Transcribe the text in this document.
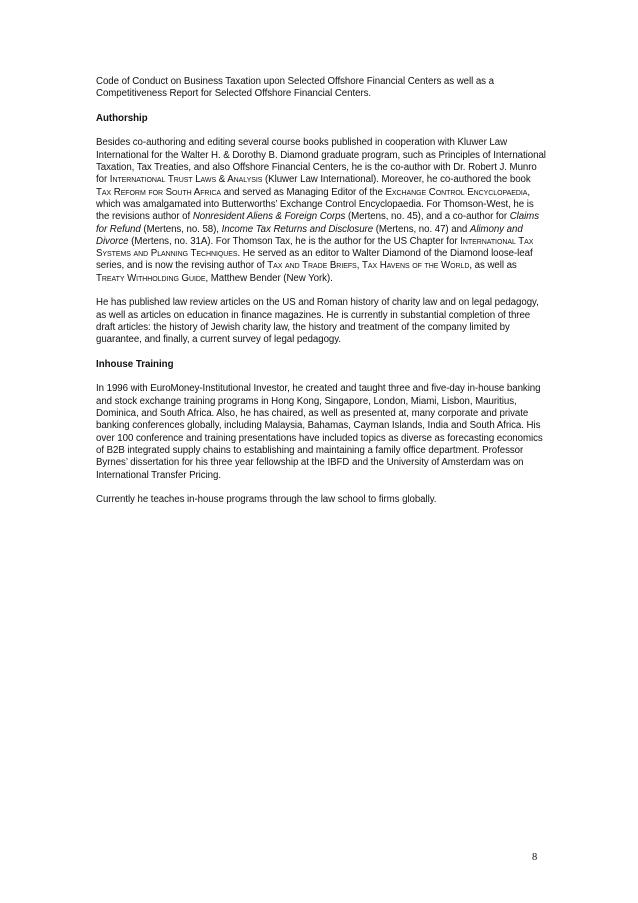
Code of Conduct on Business Taxation upon Selected Offshore Financial Centers as well as a Competitiveness Report for Selected Offshore Financial Centers.

Authorship

Besides co-authoring and editing several course books published in cooperation with Kluwer Law International for the Walter H. & Dorothy B. Diamond graduate program, such as Principles of International Taxation, Tax Treaties, and also Offshore Financial Centers, he is the co-author with Dr. Robert J. Munro for International Trust Laws & Analysis (Kluwer Law International). Moreover, he co-authored the book Tax Reform for South Africa and served as Managing Editor of the Exchange Control Encyclopaedia, which was amalgamated into Butterworths’ Exchange Control Encyclopaedia. For Thomson-West, he is the revisions author of Nonresident Aliens & Foreign Corps (Mertens, no. 45), and a co-author for Claims for Refund (Mertens, no. 58), Income Tax Returns and Disclosure (Mertens, no. 47) and Alimony and Divorce (Mertens, no. 31A). For Thomson Tax, he is the author for the US Chapter for International Tax Systems and Planning Techniques. He served as an editor to Walter Diamond of the Diamond loose-leaf series, and is now the revising author of Tax and Trade Briefs, Tax Havens of the World, as well as Treaty Withholding Guide, Matthew Bender (New York).

He has published law review articles on the US and Roman history of charity law and on legal pedagogy, as well as articles on education in finance magazines. He is currently in substantial completion of three draft articles: the history of Jewish charity law, the history and treatment of the company limited by guarantee, and finally, a current survey of legal pedagogy.

Inhouse Training

In 1996 with EuroMoney-Institutional Investor, he created and taught three and five-day in-house banking and stock exchange training programs in Hong Kong, Singapore, London, Miami, Lisbon, Mauritius, Dominica, and South Africa. Also, he has chaired, as well as presented at, many corporate and private banking conferences globally, including Malaysia, Bahamas, Cayman Islands, India and South Africa. His over 100 conference and training presentations have included topics as diverse as forecasting economics of B2B integrated supply chains to establishing and maintaining a family office department. Professor Byrnes’ dissertation for his three year fellowship at the IBFD and the University of Amsterdam was on International Transfer Pricing.

Currently he teaches in-house programs through the law school to firms globally.

8
